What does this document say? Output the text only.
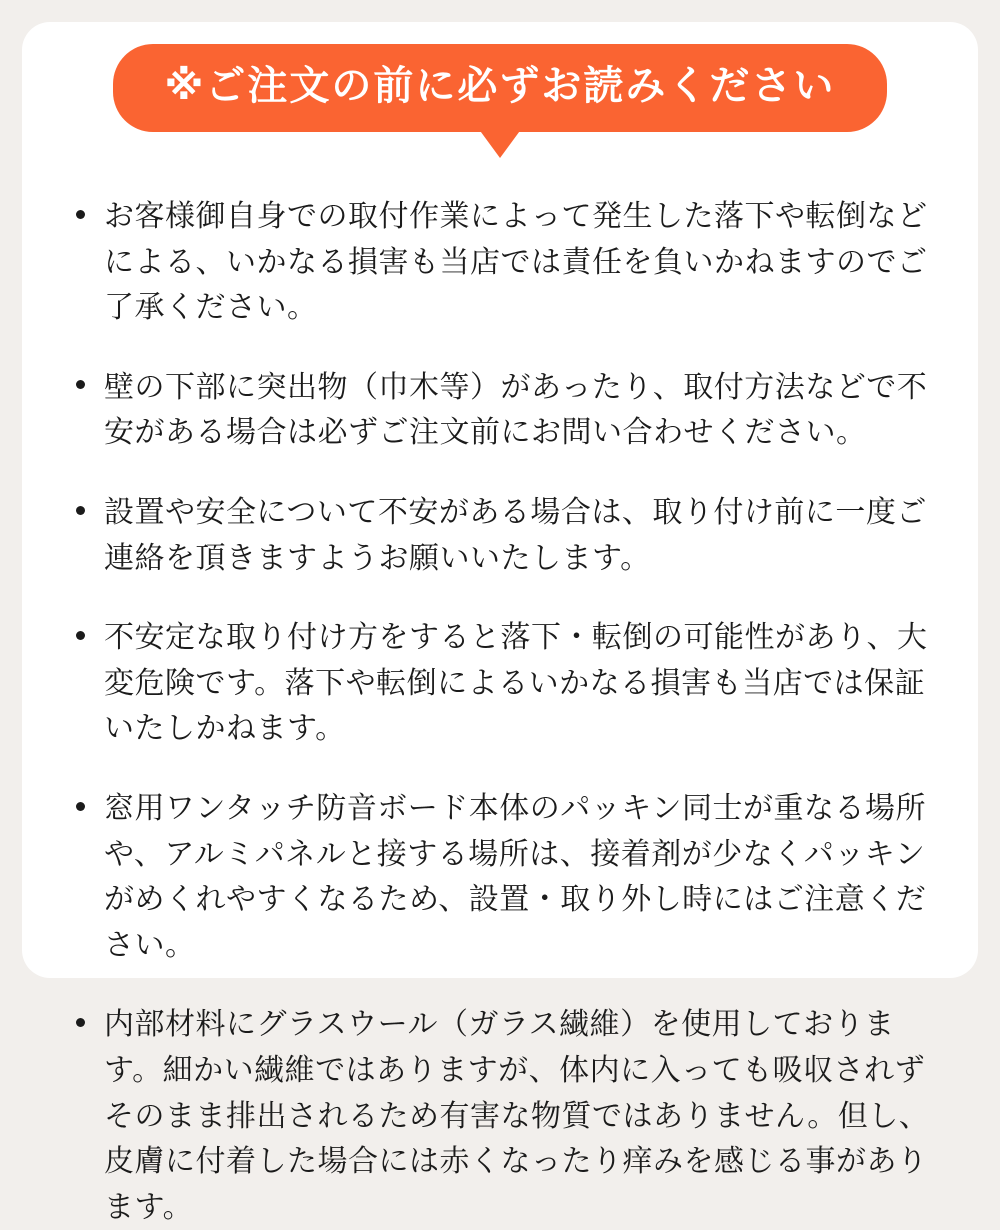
※ご注文の前に必ずお読みください
お客様御自身での取付作業によって発生した落下や転倒などによる、いかなる損害も当店では責任を負いかねますのでご了承ください。
壁の下部に突出物（巾木等）があったり、取付方法などで不安がある場合は必ずご注文前にお問い合わせください。
設置や安全について不安がある場合は、取り付け前に一度ご連絡を頂きますようお願いいたします。
不安定な取り付け方をすると落下・転倒の可能性があり、大変危険です。落下や転倒によるいかなる損害も当店では保証いたしかねます。
窓用ワンタッチ防音ボード本体のパッキン同士が重なる場所や、アルミパネルと接する場所は、接着剤が少なくパッキンがめくれやすくなるため、設置・取り外し時にはご注意ください。
内部材料にグラスウール（ガラス繊維）を使用しております。細かい繊維ではありますが、体内に入っても吸収されずそのまま排出されるため有害な物質ではありません。但し、皮膚に付着した場合には赤くなったり痒みを感じる事があります。
